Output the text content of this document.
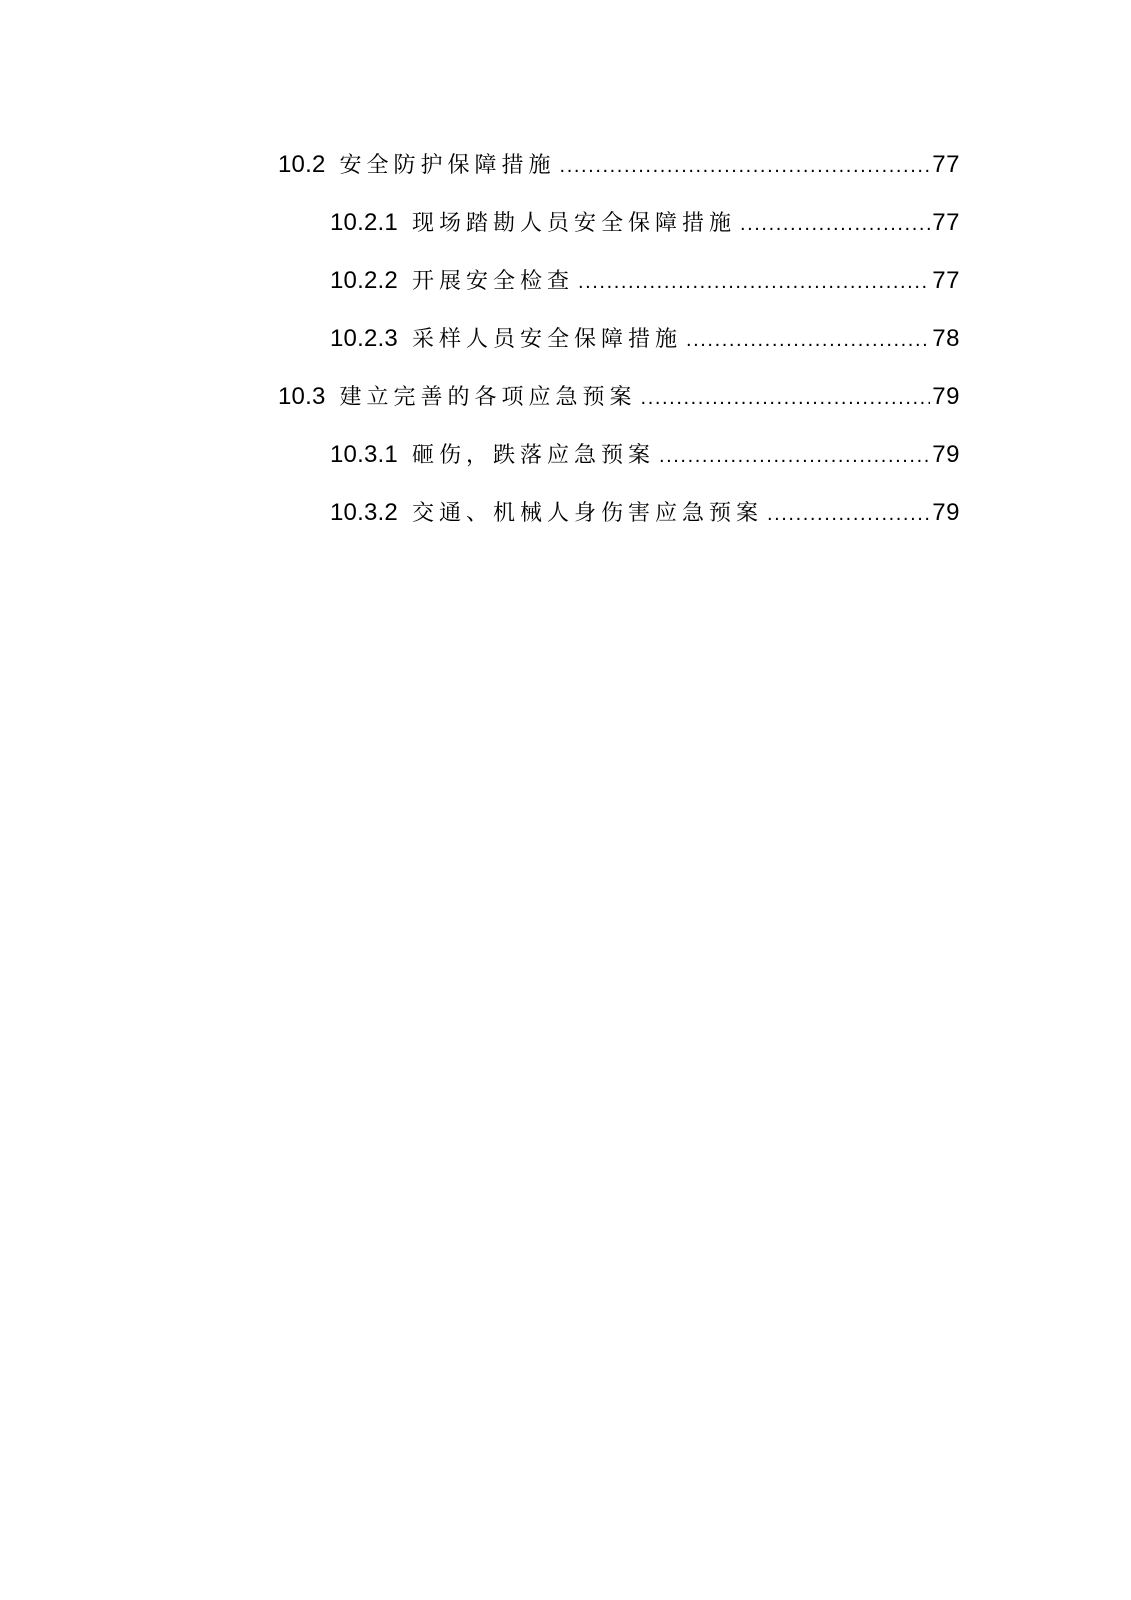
10.2 安全防护保障措施 .....	77
10.2.1 现场踏勘人员安全保障措施 .....	77
10.2.2 开展安全检查 .....	77
10.2.3 采样人员安全保障措施 .....	78
10.3 建立完善的各项应急预案 .....	79
10.3.1 砸伤，跌落应急预案 .....	79
10.3.2 交通、机械人身伤害应急预案 .....	79
